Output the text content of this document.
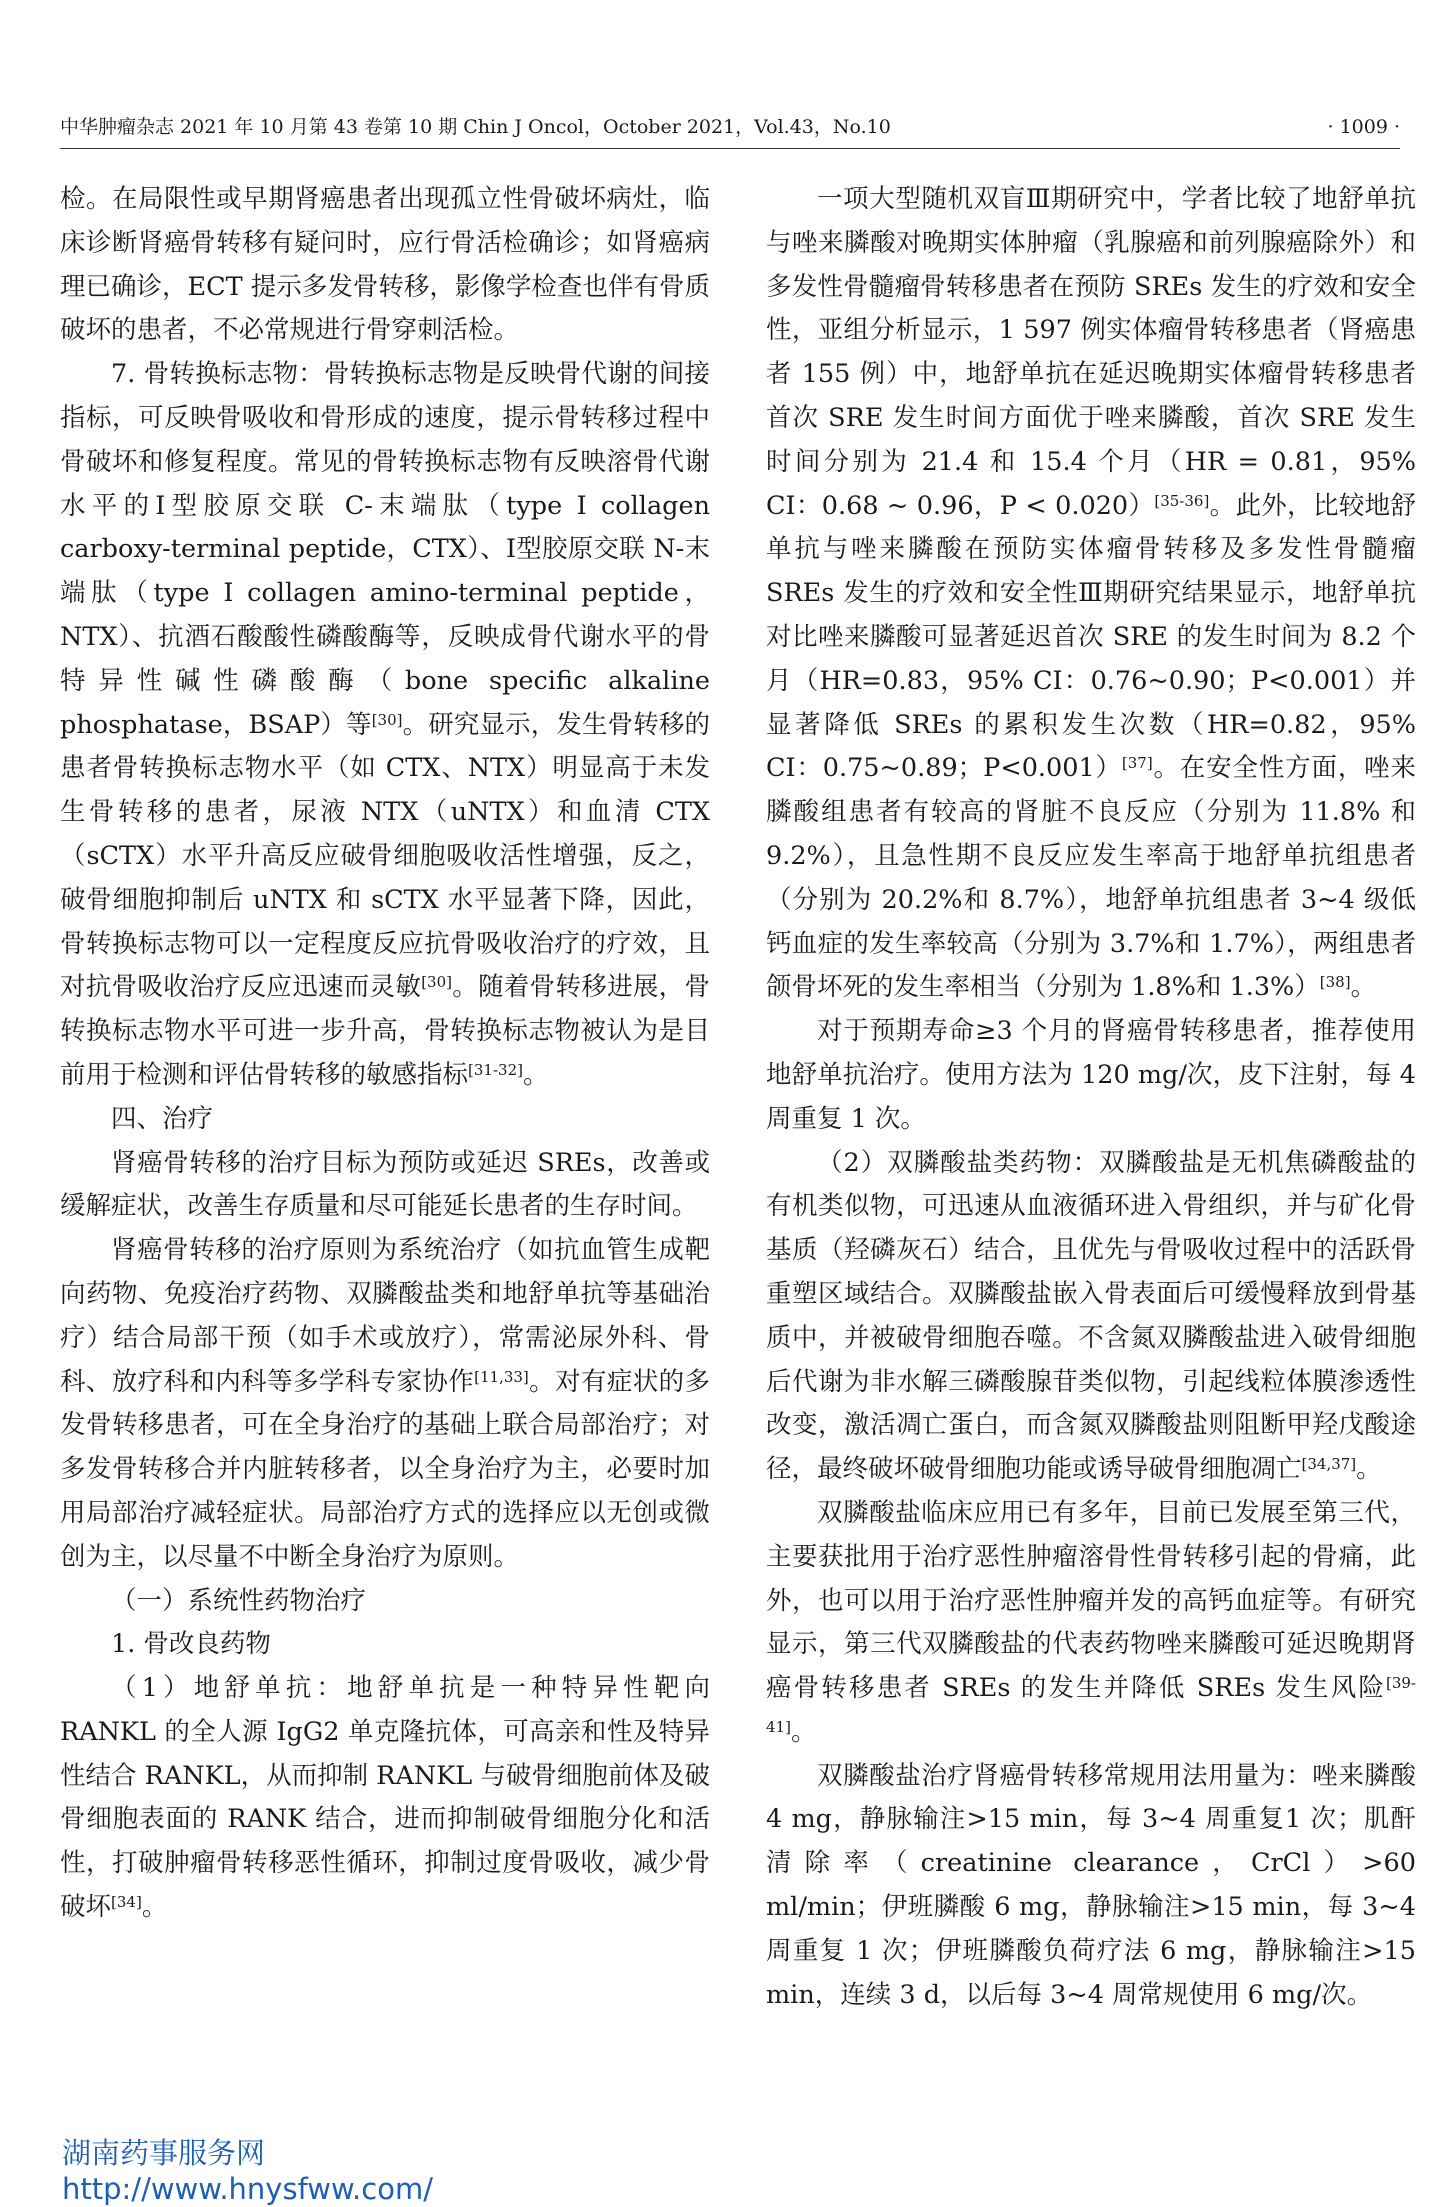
中华肿瘤杂志 2021 年 10 月第 43 卷第 10 期 Chin J Oncol，October 2021，Vol.43，No.10	· 1009 ·

检。在局限性或早期肾癌患者出现孤立性骨破坏病灶，临床诊断肾癌骨转移有疑问时，应行骨活检确诊；如肾癌病理已确诊，ECT 提示多发骨转移，影像学检查也伴有骨质破坏的患者，不必常规进行骨穿刺活检。

7. 骨转换标志物：骨转换标志物是反映骨代谢的间接指标，可反映骨吸收和骨形成的速度，提示骨转移过程中骨破坏和修复程度。常见的骨转换标志物有反映溶骨代谢水平的Ⅰ型胶原交联 C-末端肽（type I collagen carboxy-terminal peptide，CTX）、Ⅰ型胶原交联 N-末端肽（type I collagen amino-terminal peptide，NTX）、抗酒石酸酸性磷酸酶等，反映成骨代谢水平的骨特异性碱性磷酸酶（bone specific alkaline phosphatase，BSAP）等[30]。研究显示，发生骨转移的患者骨转换标志物水平（如 CTX、NTX）明显高于未发生骨转移的患者，尿液 NTX（uNTX）和血清 CTX（sCTX）水平升高反应破骨细胞吸收活性增强，反之，破骨细胞抑制后 uNTX 和 sCTX 水平显著下降，因此，骨转换标志物可以一定程度反应抗骨吸收治疗的疗效，且对抗骨吸收治疗反应迅速而灵敏[30]。随着骨转移进展，骨转换标志物水平可进一步升高，骨转换标志物被认为是目前用于检测和评估骨转移的敏感指标[31-32]。

四、治疗

肾癌骨转移的治疗目标为预防或延迟 SREs，改善或缓解症状，改善生存质量和尽可能延长患者的生存时间。

肾癌骨转移的治疗原则为系统治疗（如抗血管生成靶向药物、免疫治疗药物、双膦酸盐类和地舒单抗等基础治疗）结合局部干预（如手术或放疗），常需泌尿外科、骨科、放疗科和内科等多学科专家协作[11,33]。对有症状的多发骨转移患者，可在全身治疗的基础上联合局部治疗；对多发骨转移合并内脏转移者，以全身治疗为主，必要时加用局部治疗减轻症状。局部治疗方式的选择应以无创或微创为主，以尽量不中断全身治疗为原则。

（一）系统性药物治疗

1. 骨改良药物

（1）地舒单抗：地舒单抗是一种特异性靶向 RANKL 的全人源 IgG2 单克隆抗体，可高亲和性及特异性结合 RANKL，从而抑制 RANKL 与破骨细胞前体及破骨细胞表面的 RANK 结合，进而抑制破骨细胞分化和活性，打破肿瘤骨转移恶性循环，抑制过度骨吸收，减少骨破坏[34]。

一项大型随机双盲Ⅲ期研究中，学者比较了地舒单抗与唑来膦酸对晚期实体肿瘤（乳腺癌和前列腺癌除外）和多发性骨髓瘤骨转移患者在预防 SREs 发生的疗效和安全性，亚组分析显示，1 597 例实体瘤骨转移患者（肾癌患者 155 例）中，地舒单抗在延迟晚期实体瘤骨转移患者首次 SRE 发生时间方面优于唑来膦酸，首次 SRE 发生时间分别为 21.4 和 15.4 个月（HR = 0.81，95% CI：0.68 ~ 0.96，P < 0.020）[35-36]。此外，比较地舒单抗与唑来膦酸在预防实体瘤骨转移及多发性骨髓瘤 SREs 发生的疗效和安全性Ⅲ期研究结果显示，地舒单抗对比唑来膦酸可显著延迟首次 SRE 的发生时间为 8.2 个月（HR=0.83，95% CI：0.76~0.90；P<0.001）并显著降低 SREs 的累积发生次数（HR=0.82，95% CI：0.75~0.89；P<0.001）[37]。在安全性方面，唑来膦酸组患者有较高的肾脏不良反应（分别为 11.8% 和 9.2%），且急性期不良反应发生率高于地舒单抗组患者（分别为 20.2%和 8.7%），地舒单抗组患者 3~4 级低钙血症的发生率较高（分别为 3.7%和 1.7%），两组患者颌骨坏死的发生率相当（分别为 1.8%和 1.3%）[38]。

对于预期寿命≥3 个月的肾癌骨转移患者，推荐使用地舒单抗治疗。使用方法为 120 mg/次，皮下注射，每 4 周重复 1 次。

（2）双膦酸盐类药物：双膦酸盐是无机焦磷酸盐的有机类似物，可迅速从血液循环进入骨组织，并与矿化骨基质（羟磷灰石）结合，且优先与骨吸收过程中的活跃骨重塑区域结合。双膦酸盐嵌入骨表面后可缓慢释放到骨基质中，并被破骨细胞吞噬。不含氮双膦酸盐进入破骨细胞后代谢为非水解三磷酸腺苷类似物，引起线粒体膜渗透性改变，激活凋亡蛋白，而含氮双膦酸盐则阻断甲羟戊酸途径，最终破坏破骨细胞功能或诱导破骨细胞凋亡[34,37]。

双膦酸盐临床应用已有多年，目前已发展至第三代，主要获批用于治疗恶性肿瘤溶骨性骨转移引起的骨痛，此外，也可以用于治疗恶性肿瘤并发的高钙血症等。有研究显示，第三代双膦酸盐的代表药物唑来膦酸可延迟晚期肾癌骨转移患者 SREs 的发生并降低 SREs 发生风险[39-41]。

双膦酸盐治疗肾癌骨转移常规用法用量为：唑来膦酸 4 mg，静脉输注>15 min，每 3~4 周重复1 次；肌酐清除率（creatinine clearance，CrCl）>60 ml/min；伊班膦酸 6 mg，静脉输注>15 min，每 3~4 周重复 1 次；伊班膦酸负荷疗法 6 mg，静脉输注>15 min，连续 3 d，以后每 3~4 周常规使用 6 mg/次。

湖南药事服务网
http://www.hnysfww.com/
